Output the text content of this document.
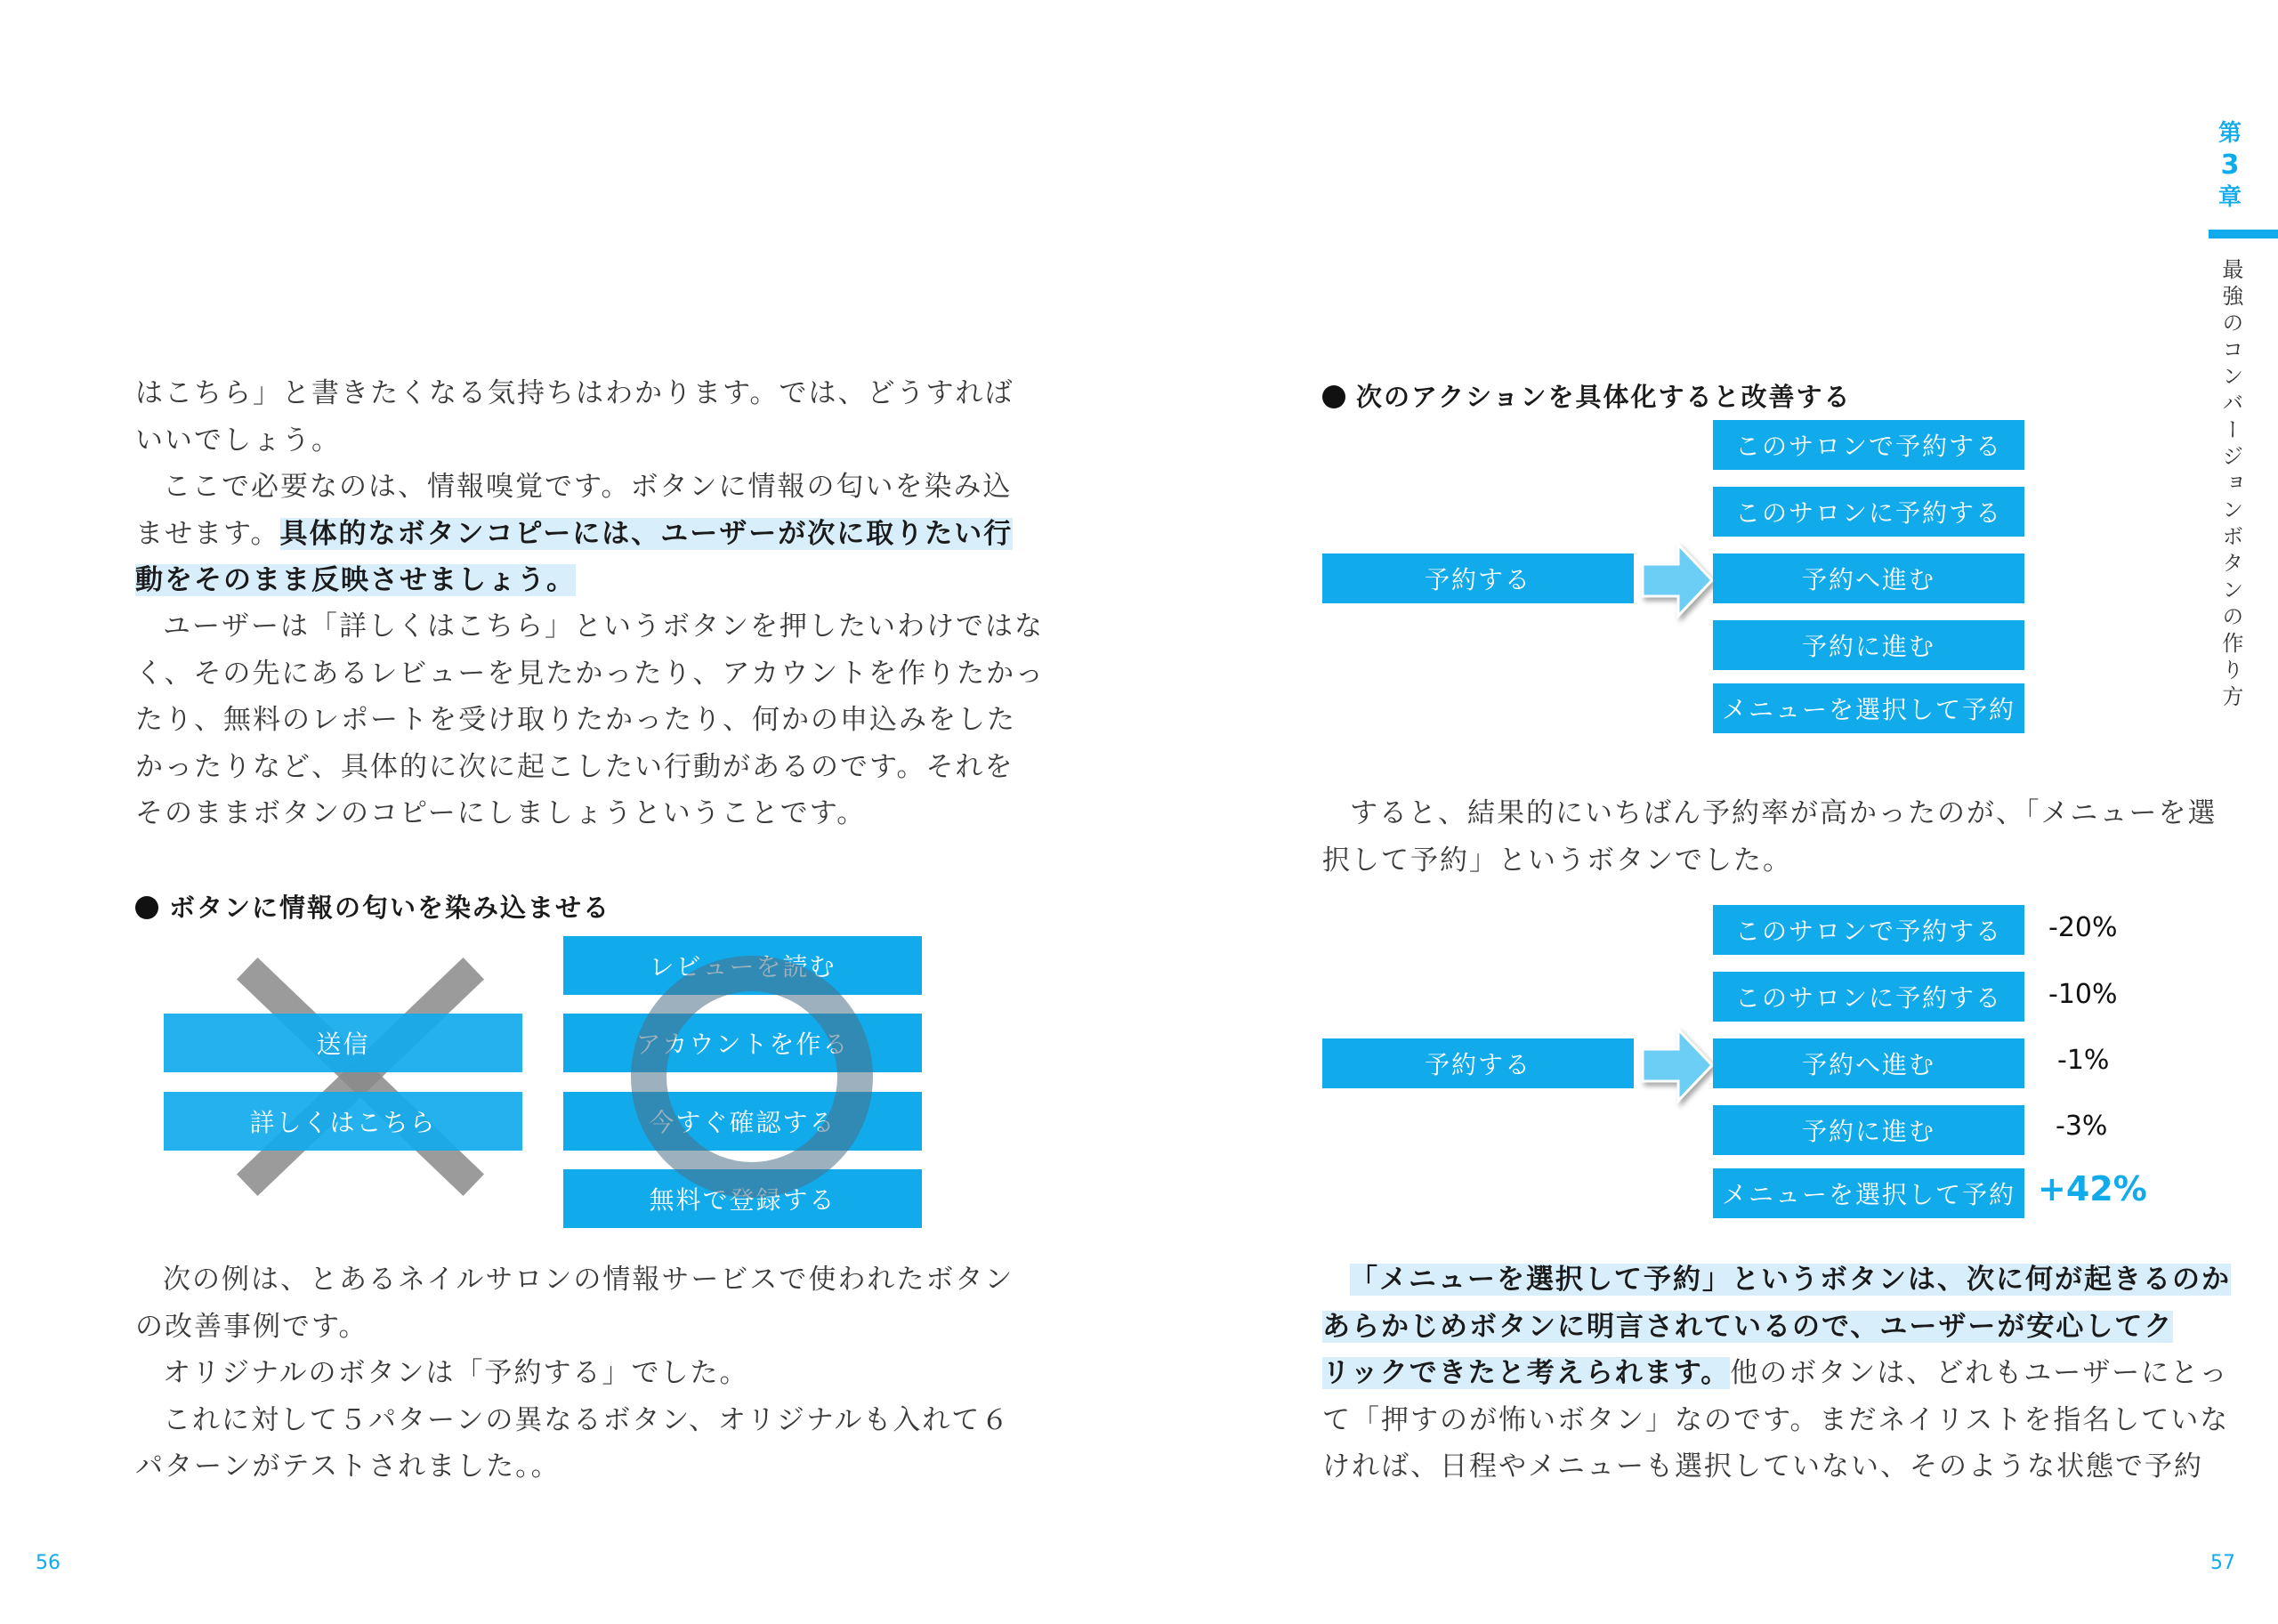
はこちら」と書きたくなる気持ちはわかります。では、どうすれば

いいでしょう。

ここで必要なのは、情報嗅覚です。ボタンに情報の匂いを染み込

ませます。具体的なボタンコピーには、ユーザーが次に取りたい行

動をそのまま反映させましょう。

ユーザーは「詳しくはこちら」というボタンを押したいわけではな

く、その先にあるレビューを見たかったり、アカウントを作りたかっ

たり、無料のレポートを受け取りたかったり、何かの申込みをした

かったりなど、具体的に次に起こしたい行動があるのです。それを

そのままボタンのコピーにしましょうということです。

ボタンに情報の匂いを染み込ませる
送信
詳しくはこちら
レビューを読む
アカウントを作る
今すぐ確認する
無料で登録する

次の例は、とあるネイルサロンの情報サービスで使われたボタン

の改善事例です。

オリジナルのボタンは「予約する」でした。

これに対して５パターンの異なるボタン、オリジナルも入れて６

パターンがテストされました。。

56
次のアクションを具体化すると改善する
予約する
このサロンで予約する
このサロンに予約する
予約へ進む
予約に進む
メニューを選択して予約

すると、結果的にいちばん予約率が高かったのが、「メニューを選

択して予約」というボタンでした。

予約する
このサロンで予約する	-20%
このサロンに予約する	-10%
予約へ進む	-1%
予約に進む	-3%
メニューを選択して予約 +42%

「メニューを選択して予約」というボタンは、次に何が起きるのか

あらかじめボタンに明言されているので、ユーザーが安心してク

リックできたと考えられます。他のボタンは、どれもユーザーにとっ

て「押すのが怖いボタン」なのです。まだネイリストを指名していな

ければ、日程やメニューも選択していない、そのような状態で予約

57
第
3
章
最強のコンバージョンボタンの作り方
